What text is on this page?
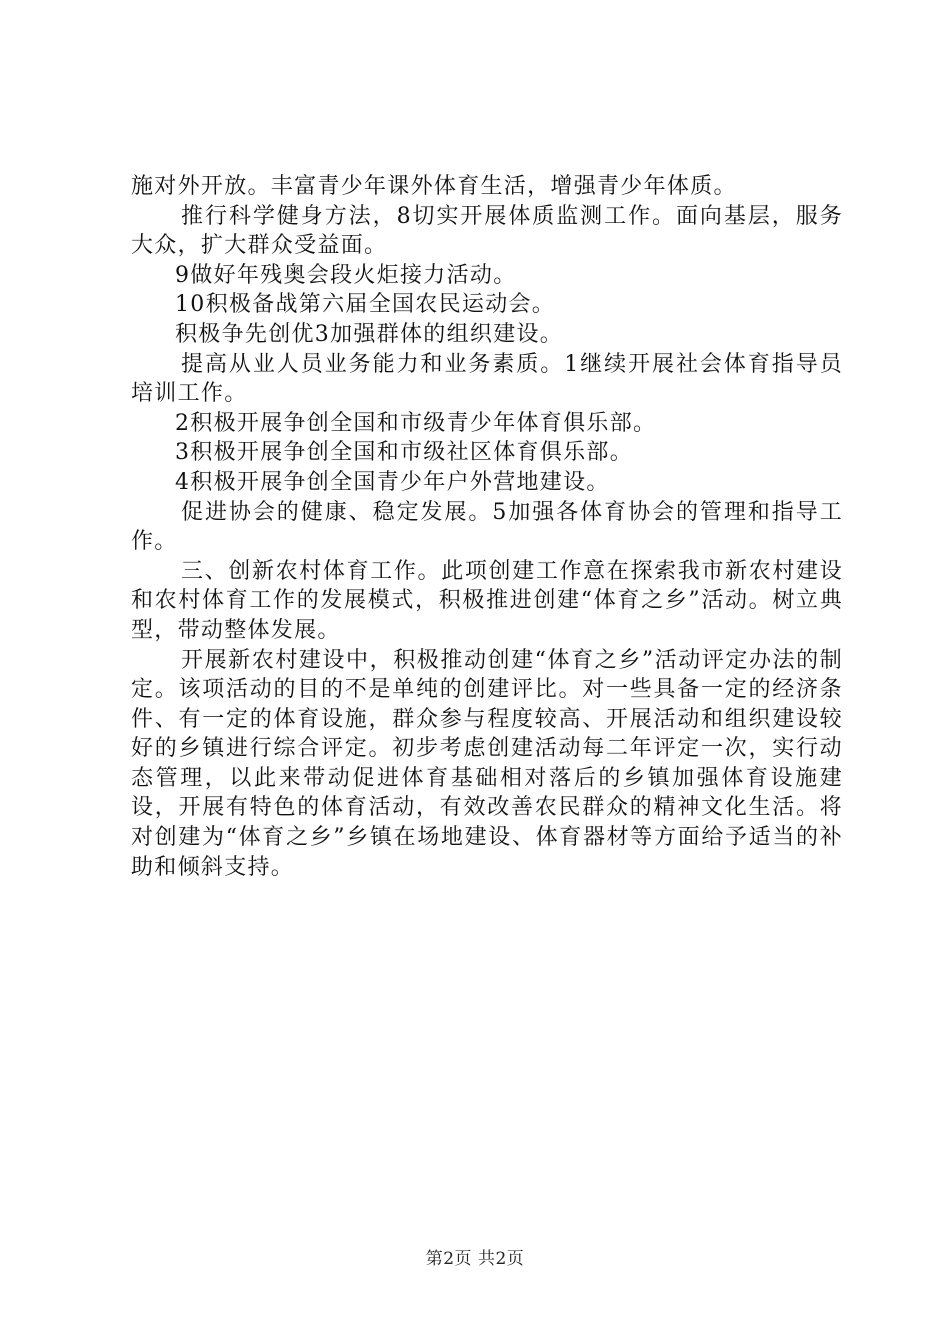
施对外开放。丰富青少年课外体育生活，增强青少年体质。

推行科学健身方法，8切实开展体质监测工作。面向基层，服务大众，扩大群众受益面。

9做好年残奥会段火炬接力活动。

10积极备战第六届全国农民运动会。

积极争先创优3加强群体的组织建设。

提高从业人员业务能力和业务素质。1继续开展社会体育指导员培训工作。

2积极开展争创全国和市级青少年体育俱乐部。

3积极开展争创全国和市级社区体育俱乐部。

4积极开展争创全国青少年户外营地建设。

促进协会的健康、稳定发展。5加强各体育协会的管理和指导工作。

三、创新农村体育工作。此项创建工作意在探索我市新农村建设和农村体育工作的发展模式，积极推进创建“体育之乡”活动。树立典型，带动整体发展。

开展新农村建设中，积极推动创建“体育之乡”活动评定办法的制定。该项活动的目的不是单纯的创建评比。对一些具备一定的经济条件、有一定的体育设施，群众参与程度较高、开展活动和组织建设较好的乡镇进行综合评定。初步考虑创建活动每二年评定一次，实行动态管理，以此来带动促进体育基础相对落后的乡镇加强体育设施建设，开展有特色的体育活动，有效改善农民群众的精神文化生活。将对创建为“体育之乡”乡镇在场地建设、体育器材等方面给予适当的补助和倾斜支持。

第2页 共2页
